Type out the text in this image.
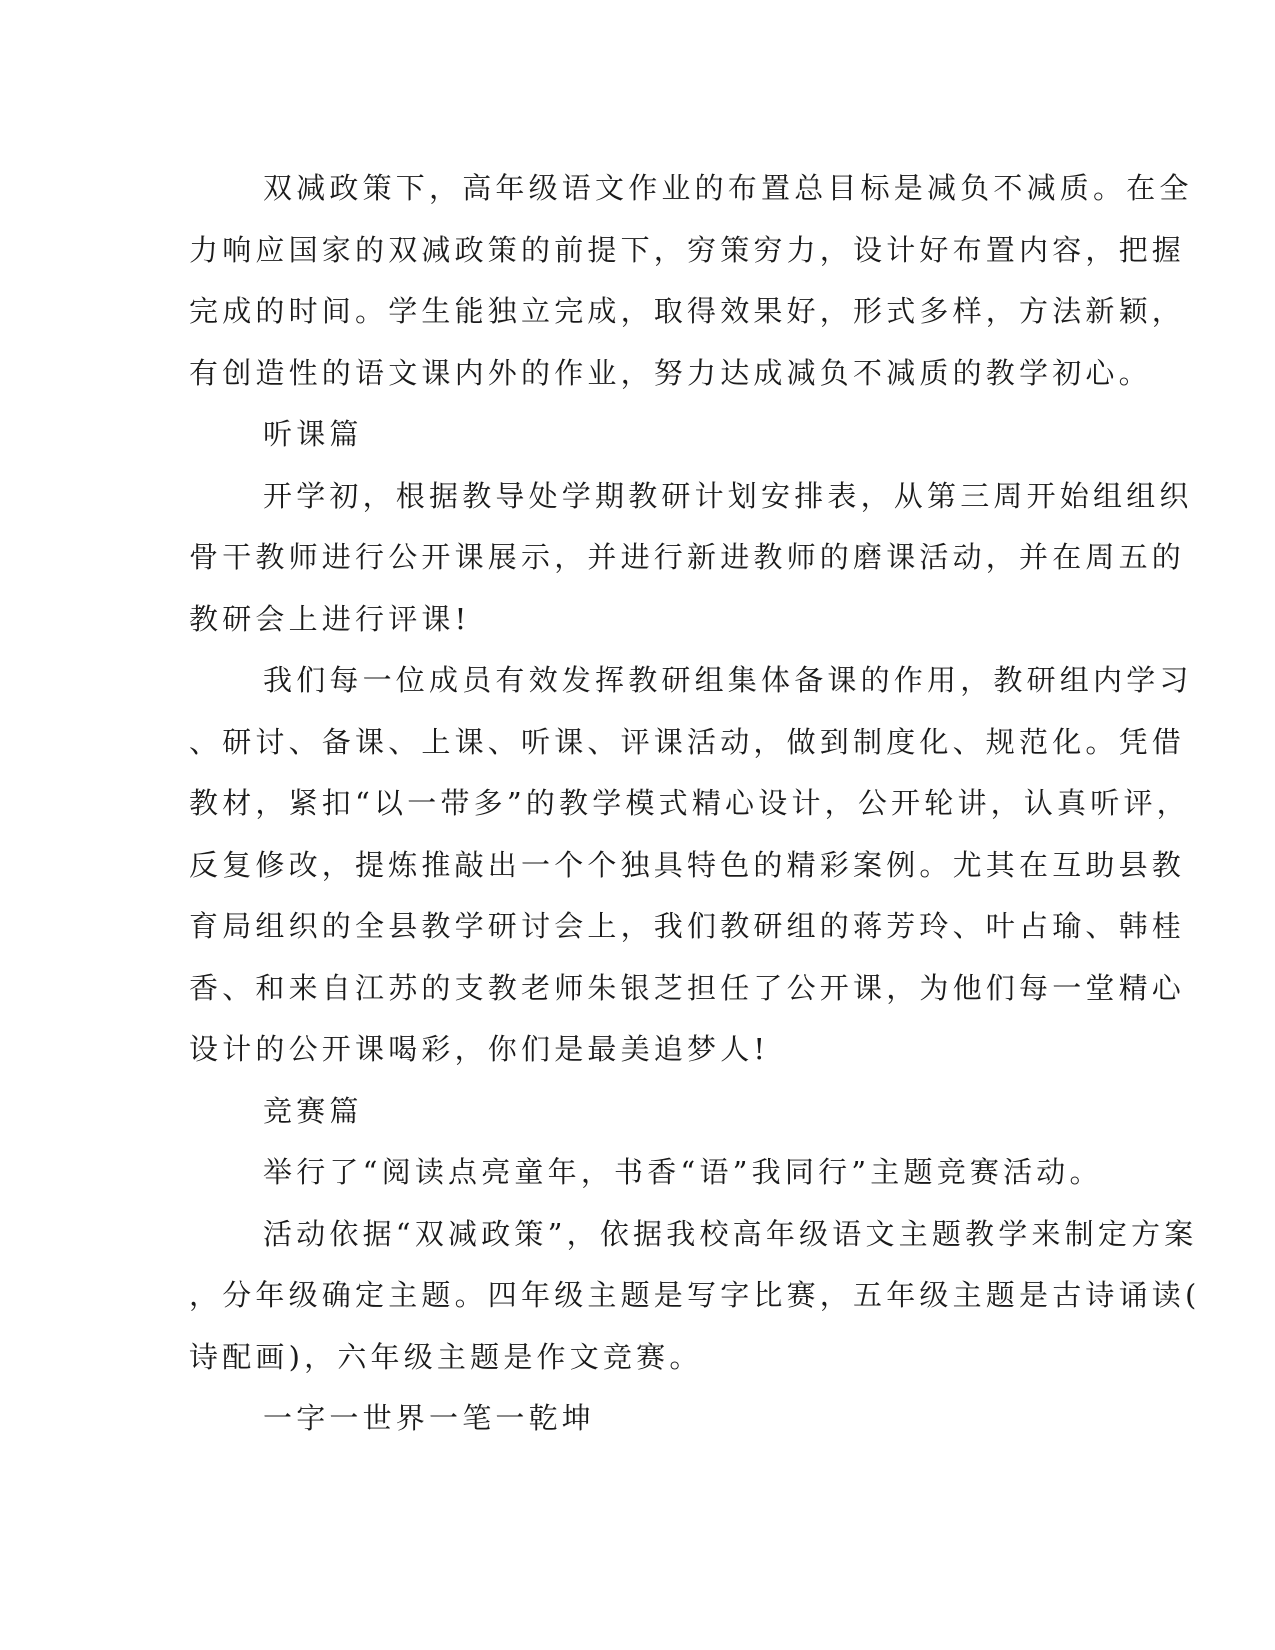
双减政策下，高年级语文作业的布置总目标是减负不减质。在全
力响应国家的双减政策的前提下，穷策穷力，设计好布置内容，把握
完成的时间。学生能独立完成，取得效果好，形式多样，方法新颖，
有创造性的语文课内外的作业，努力达成减负不减质的教学初心。
听课篇
开学初，根据教导处学期教研计划安排表，从第三周开始组组织
骨干教师进行公开课展示，并进行新进教师的磨课活动，并在周五的
教研会上进行评课!
我们每一位成员有效发挥教研组集体备课的作用，教研组内学习
、研讨、备课、上课、听课、评课活动，做到制度化、规范化。凭借
教材，紧扣“以一带多”的教学模式精心设计，公开轮讲，认真听评，
反复修改，提炼推敲出一个个独具特色的精彩案例。尤其在互助县教
育局组织的全县教学研讨会上，我们教研组的蒋芳玲、叶占瑜、韩桂
香、和来自江苏的支教老师朱银芝担任了公开课，为他们每一堂精心
设计的公开课喝彩，你们是最美追梦人!
竞赛篇
举行了“阅读点亮童年，书香“语”我同行”主题竞赛活动。
活动依据“双减政策”，依据我校高年级语文主题教学来制定方案
，分年级确定主题。四年级主题是写字比赛，五年级主题是古诗诵读(
诗配画)，六年级主题是作文竞赛。
一字一世界一笔一乾坤
